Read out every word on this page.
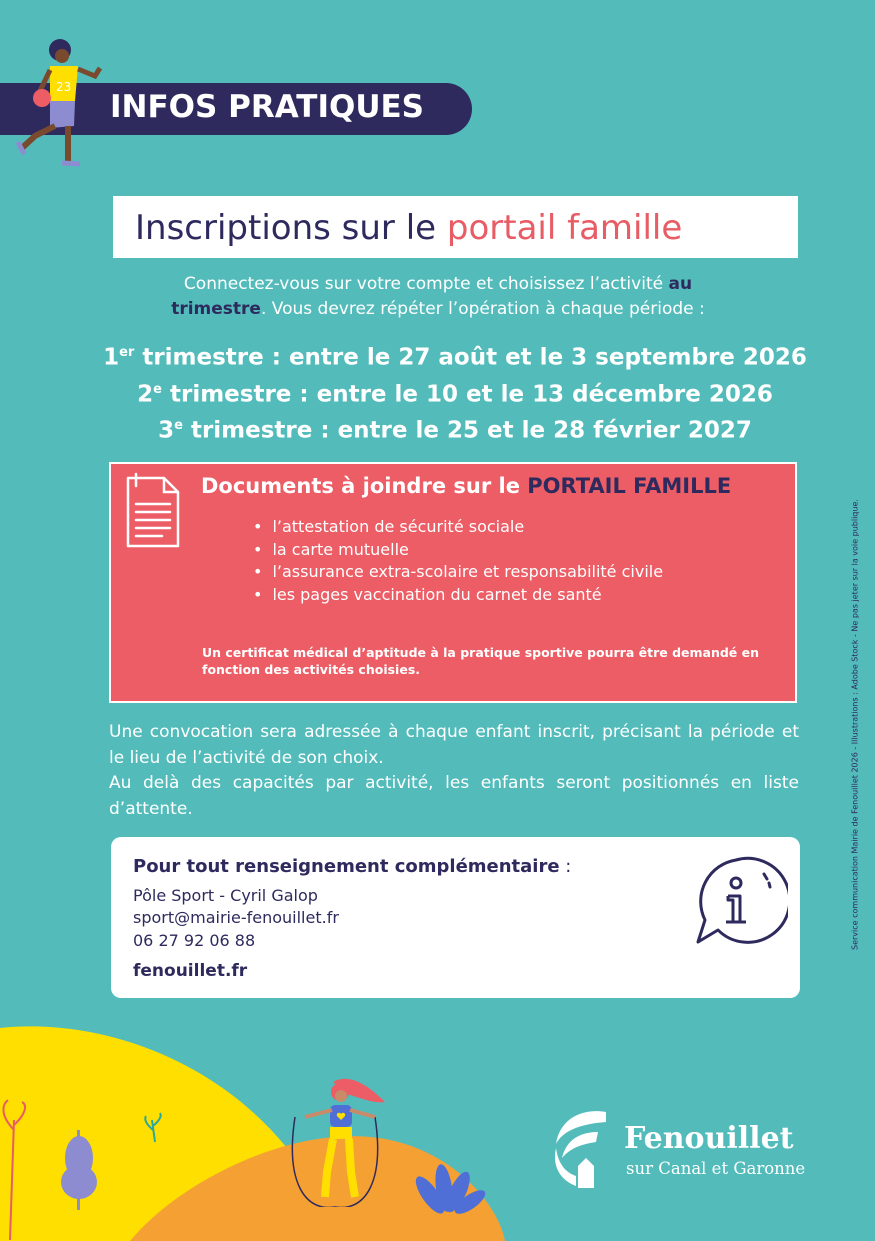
INFOS PRATIQUES
23
Inscriptions sur le portail famille
Connectez-vous sur votre compte et choisissez l’activité au
trimestre. Vous devrez répéter l’opération à chaque période :
1er trimestre : entre le 27 août et le 3 septembre 2026
2e trimestre : entre le 10 et le 13 décembre 2026
3e trimestre : entre le 25 et le 28 février 2027
Documents à joindre sur le PORTAIL FAMILLE
• l’attestation de sécurité sociale
• la carte mutuelle
• l’assurance extra-scolaire et responsabilité civile
• les pages vaccination du carnet de santé
Un certificat médical d’aptitude à la pratique sportive pourra être demandé en fonction des activités choisies.
Une convocation sera adressée à chaque enfant inscrit, précisant la période et le lieu de l’activité de son choix.
Au delà des capacités par activité, les enfants seront positionnés en liste d’attente.
Pour tout renseignement complémentaire :
Pôle Sport - Cyril Galop
sport@mairie-fenouillet.fr
06 27 92 06 88
fenouillet.fr
Service communication Mairie de Fenouillet 2026 - Illustrations : Adobe Stock - Ne pas jeter sur la voie publique.
Fenouillet
sur Canal et Garonne
